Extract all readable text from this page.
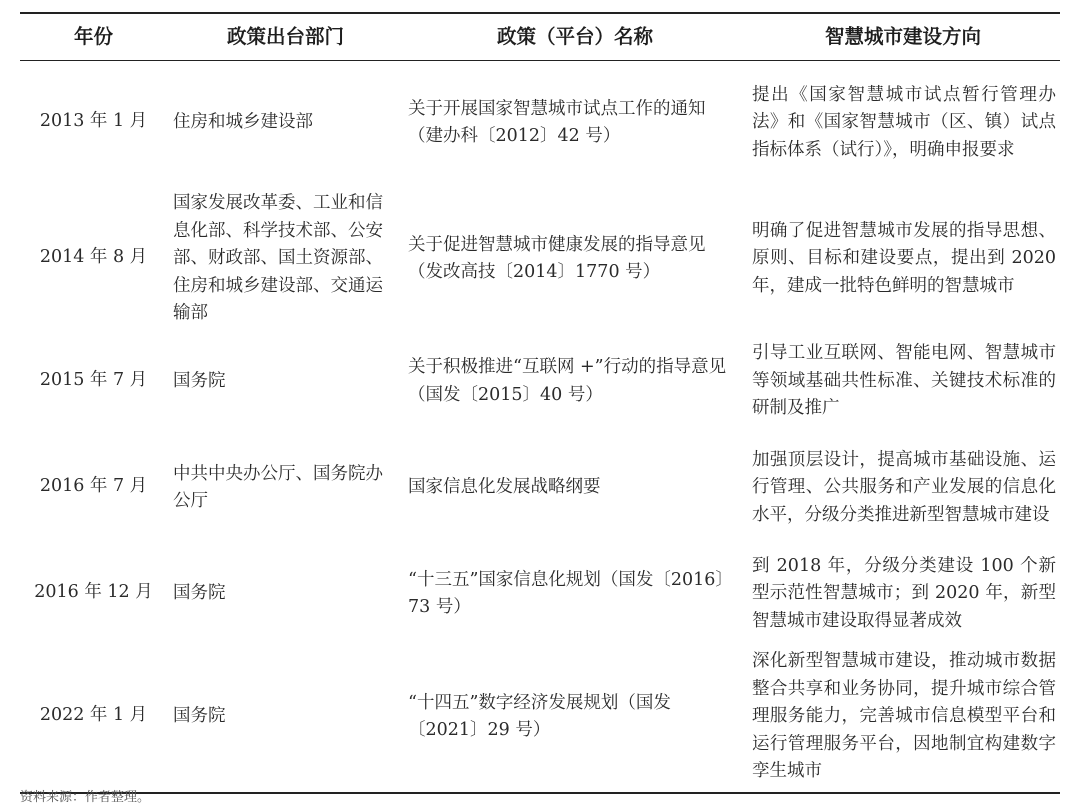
年份	政策出台部门	政策（平台）名称	智慧城市建设方向
2013 年 1 月	住房和城乡建设部	关于开展国家智慧城市试点工作的通知（建办科〔2012〕42 号）	提出《国家智慧城市试点暂行管理办法》和《国家智慧城市（区、镇）试点指标体系（试行）》，明确申报要求

2014 年 8 月	国家发展改革委、工业和信息化部、科学技术部、公安部、财政部、国土资源部、住房和城乡建设部、交通运输部	关于促进智慧城市健康发展的指导意见（发改高技〔2014〕1770 号）	明确了促进智慧城市发展的指导思想、原则、目标和建设要点，提出到 2020 年，建成一批特色鲜明的智慧城市

2015 年 7 月	国务院	关于积极推进“互联网 +”行动的指导意见（国发〔2015〕40 号）	引导工业互联网、智能电网、智慧城市等领域基础共性标准、关键技术标准的研制及推广

2016 年 7 月	中共中央办公厅、国务院办公厅	国家信息化发展战略纲要	加强顶层设计，提高城市基础设施、运行管理、公共服务和产业发展的信息化水平，分级分类推进新型智慧城市建设

2016 年 12 月	国务院	“十三五”国家信息化规划（国发〔2016〕73 号）	到 2018 年，分级分类建设 100 个新型示范性智慧城市；到 2020 年，新型智慧城市建设取得显著成效

2022 年 1 月	国务院	“十四五”数字经济发展规划（国发〔2021〕29 号）	深化新型智慧城市建设，推动城市数据整合共享和业务协同，提升城市综合管理服务能力，完善城市信息模型平台和运行管理服务平台，因地制宜构建数字孪生城市
资料来源：作者整理。
